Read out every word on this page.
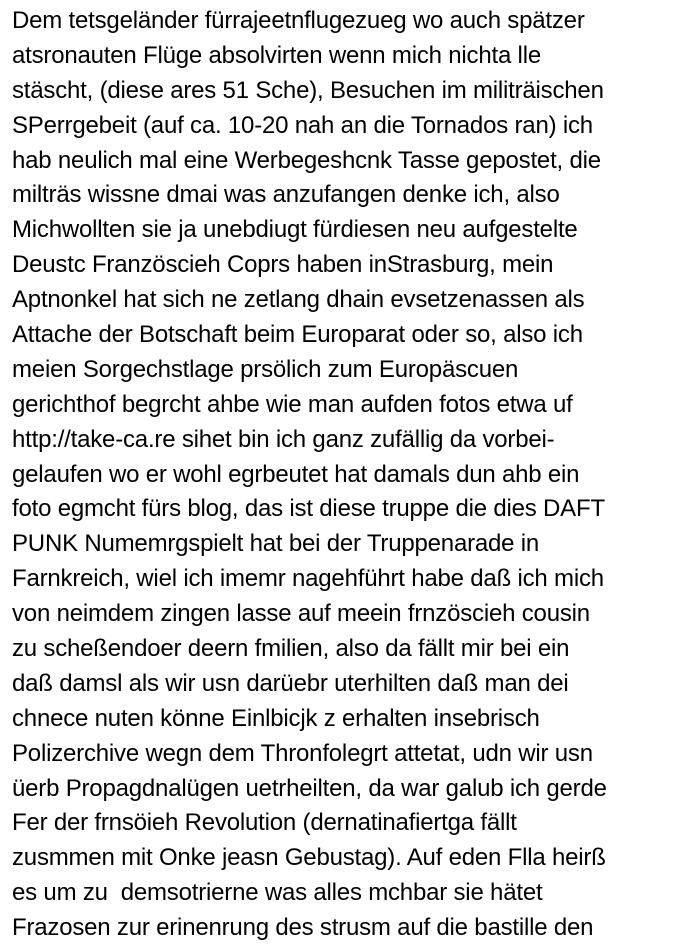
Dem tetsgeländer fürrajeetnflugezueg wo auch spätzer
atsronauten Flüge absolvirten wenn mich nichta lle
stäscht, (diese ares 51 Sche), Besuchen im militräischen
SPerrgebeit (auf ca. 10-20 nah an die Tornados ran) ich
hab neulich mal eine Werbegeshcnk Tasse gepostet, die
milträs wissne dmai was anzufangen denke ich, also
Michwollten sie ja unebdiugt fürdiesen neu aufgestelte
Deustc Französcieh Coprs haben inStrasburg, mein
Aptnonkel hat sich ne zetlang dhain evsetzenassen als
Attache der Botschaft beim Europarat oder so, also ich
meien Sorgechstlage prsölich zum Europäscuen
gerichthof begrcht ahbe wie man aufden fotos etwa uf
http://take-ca.re sihet bin ich ganz zufällig da vorbei-
gelaufen wo er wohl egrbeutet hat damals dun ahb ein
foto egmcht fürs blog, das ist diese truppe die dies DAFT
PUNK Numemrgspielt hat bei der Truppenarade in
Farnkreich, wiel ich imemr nagehführt habe daß ich mich
von neimdem zingen lasse auf meein frnzöscieh cousin
zu scheßendoer deern fmilien, also da fällt mir bei ein
daß damsl als wir usn darüebr uterhilten daß man dei
chnece nuten könne Einlbicjk z erhalten insebrisch
Polizerchive wegn dem Thronfolegrt attetat, udn wir usn
üerb Propagdnalügen uetrheilten, da war galub ich gerde
Fer der frnsöieh Revolution (dernatinafiertga fällt
zusmmen mit Onke jeasn Gebustag). Auf eden Flla heirß
es um zu  demsotrierne was alles mchbar sie hätet
Frazosen zur erinenrung des strusm auf die bastille den
